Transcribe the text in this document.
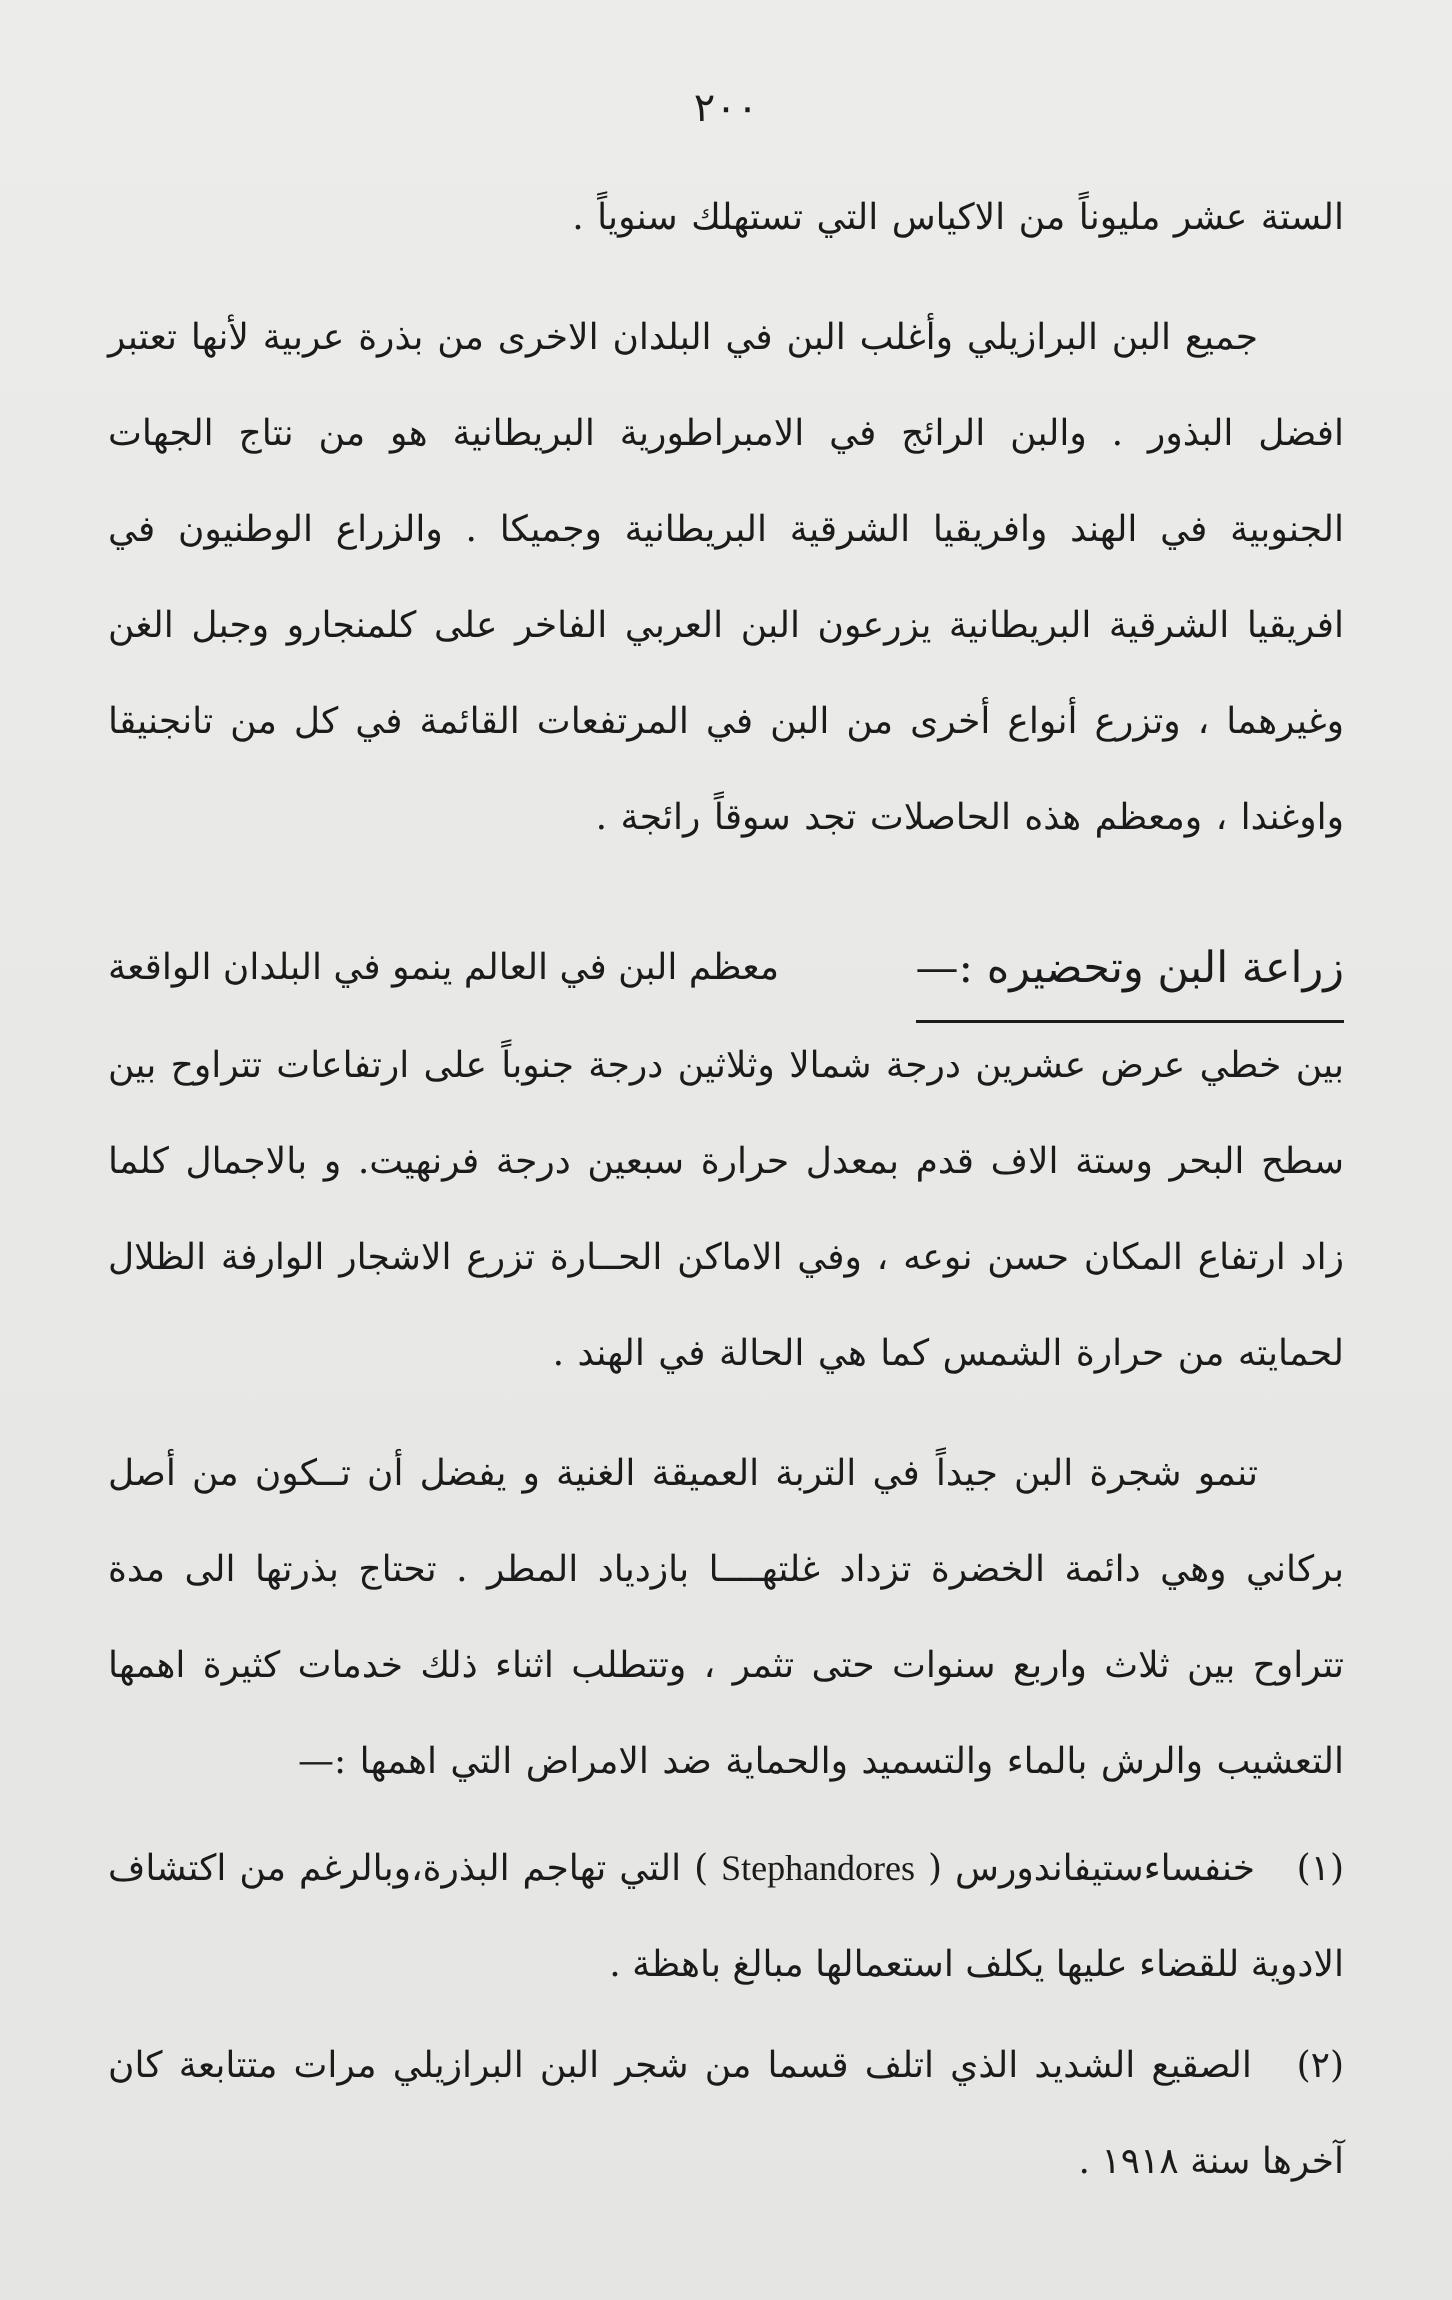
٢٠٠
الستة عشر مليوناً من الاكياس التي تستهلك سنوياً .
جميع البن البرازيلي وأغلب البن في البلدان الاخرى من بذرة عربية لأنها تعتبر افضل البذور . والبن الرائج في الامبراطورية البريطانية هو من نتاج الجهات الجنوبية في الهند وافريقيا الشرقية البريطانية وجميكا . والزراع الوطنيون في افريقيا الشرقية البريطانية يزرعون البن العربي الفاخر على كلمنجارو وجبل الغن وغيرهما ، وتزرع أنواع أخرى من البن في المرتفعات القائمة في كل من تانجنيقا واوغندا ، ومعظم هذه الحاصلات تجد سوقاً رائجة .
زراعة البن وتحضيره :—
معظم البن في العالم ينمو في البلدان الواقعة
بين خطي عرض عشرين درجة شمالا وثلاثين درجة جنوباً على ارتفاعات تتراوح بين سطح البحر وستة الاف قدم بمعدل حرارة سبعين درجة فرنهيت. و بالاجمال كلما زاد ارتفاع المكان حسن نوعه ، وفي الاماكن الحــارة تزرع الاشجار الوارفة الظلال لحمايته من حرارة الشمس كما هي الحالة في الهند .
تنمو شجرة البن جيداً في التربة العميقة الغنية و يفضل أن تــكون من أصل بركاني وهي دائمة الخضرة تزداد غلتهــــا بازدياد المطر . تحتاج بذرتها الى مدة تتراوح بين ثلاث واربع سنوات حتى تثمر ، وتتطلب اثناء ذلك خدمات كثيرة اهمها التعشيب والرش بالماء والتسميد والحماية ضد الامراض التي اهمها :—
(١) خنفساءستيفاندورس ( Stephandores ) التي تهاجم البذرة،وبالرغم من اكتشاف الادوية للقضاء عليها يكلف استعمالها مبالغ باهظة .
(٢) الصقيع الشديد الذي اتلف قسما من شجر البن البرازيلي مرات متتابعة كان آخرها سنة ١٩١٨ .
